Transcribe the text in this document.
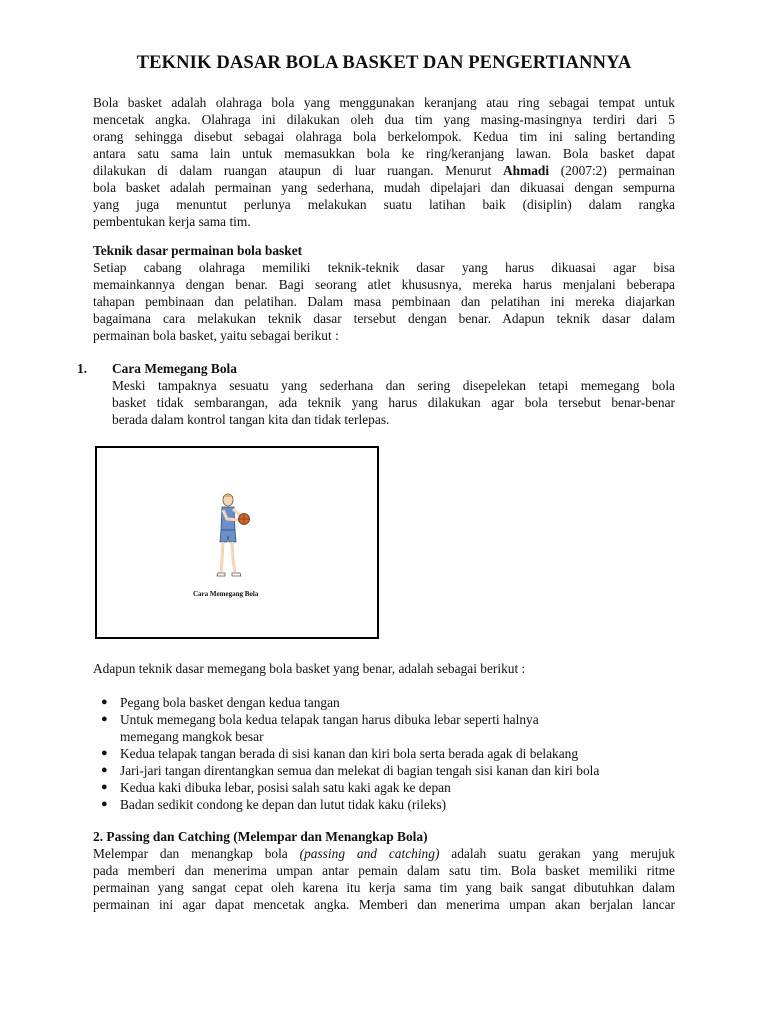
TEKNIK DASAR BOLA BASKET DAN PENGERTIANNYA
Bola basket adalah olahraga bola yang menggunakan keranjang atau ring sebagai tempat untuk
mencetak angka. Olahraga ini dilakukan oleh dua tim yang masing-masingnya terdiri dari 5
orang sehingga disebut sebagai olahraga bola berkelompok. Kedua tim ini saling bertanding
antara satu sama lain untuk memasukkan bola ke ring/keranjang lawan. Bola basket dapat
dilakukan di dalam ruangan ataupun di luar ruangan. Menurut Ahmadi (2007:2) permainan
bola basket adalah permainan yang sederhana, mudah dipelajari dan dikuasai dengan sempurna
yang juga menuntut perlunya melakukan suatu latihan baik (disiplin) dalam rangka
pembentukan kerja sama tim.
Teknik dasar permainan bola basket
Setiap cabang olahraga memiliki teknik-teknik dasar yang harus dikuasai agar bisa
memainkannya dengan benar. Bagi seorang atlet khususnya, mereka harus menjalani beberapa
tahapan pembinaan dan pelatihan. Dalam masa pembinaan dan pelatihan ini mereka diajarkan
bagaimana cara melakukan teknik dasar tersebut dengan benar. Adapun teknik dasar dalam
permainan bola basket, yaitu sebagai berikut :
1. Cara Memegang Bola
Meski tampaknya sesuatu yang sederhana dan sering disepelekan tetapi memegang bola
basket tidak sembarangan, ada teknik yang harus dilakukan agar bola tersebut benar-benar
berada dalam kontrol tangan kita dan tidak terlepas.
Cara Memegang Bola
Adapun teknik dasar memegang bola basket yang benar, adalah sebagai berikut :
● Pegang bola basket dengan kedua tangan
● Untuk memegang bola kedua telapak tangan harus dibuka lebar seperti halnya
memegang mangkok besar
● Kedua telapak tangan berada di sisi kanan dan kiri bola serta berada agak di belakang
● Jari-jari tangan direntangkan semua dan melekat di bagian tengah sisi kanan dan kiri bola
● Kedua kaki dibuka lebar, posisi salah satu kaki agak ke depan
● Badan sedikit condong ke depan dan lutut tidak kaku (rileks)
2. Passing dan Catching (Melempar dan Menangkap Bola)
Melempar dan menangkap bola (passing and catching) adalah suatu gerakan yang merujuk
pada memberi dan menerima umpan antar pemain dalam satu tim. Bola basket memiliki ritme
permainan yang sangat cepat oleh karena itu kerja sama tim yang baik sangat dibutuhkan dalam
permainan ini agar dapat mencetak angka. Memberi dan menerima umpan akan berjalan lancar
